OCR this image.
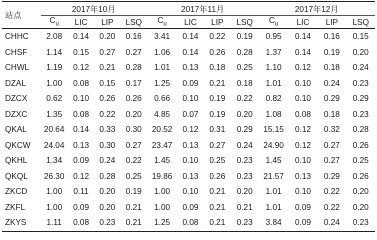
站点	2017年10月				2017年11月				2017年12月			
	$C_u$	LIC	LIP	LSQ	$C_u$	LIC	LIP	LSQ	$C_u$	LIC	LIP	LSQ
CHHC	2.08	0.14	0.20	0.16	3.41	0.14	0.22	0.19	0.95	0.14	0.16	0.15
CHSF	1.14	0.15	0.27	0.27	1.06	0.14	0.26	0.28	1.37	0.14	0.19	0.20
CHWL	1.19	0.12	0.21	0.28	1.01	0.13	0.18	0.25	1.10	0.12	0.18	0.24
DZAL	1.00	0.08	0.15	0.17	1.25	0.09	0.21	0.18	1.01	0.10	0.24	0.23
DZCX	0.62	0.10	0.26	0.26	0.66	0.10	0.19	0.22	0.82	0.10	0.29	0.29
DZXC	1.35	0.08	0.22	0.20	4.85	0.07	0.19	0.20	1.08	0.08	0.18	0.23
QKAL	20.64	0.14	0.33	0.30	20.52	0.12	0.31	0.29	15.15	0.12	0.32	0.28
QKCW	24.04	0.13	0.30	0.27	23.47	0.13	0.27	0.24	24.90	0.12	0.27	0.26
QKHL	1.34	0.09	0.24	0.22	1.45	0.10	0.25	0.23	1.45	0.10	0.27	0.25
QKQL	26.30	0.12	0.28	0.25	19.86	0.13	0.26	0.23	21.57	0.13	0.29	0.26
ZKCD	1.00	0.11	0.20	0.19	1.00	0.10	0.21	0.20	1.01	0.10	0.22	0.20
ZKFL	1.00	0.09	0.20	0.21	1.00	0.09	0.21	0.21	1.01	0.09	0.22	0.20
ZKYS	1.11	0.08	0.23	0.21	1.25	0.08	0.21	0.23	3.84	0.09	0.24	0.23
